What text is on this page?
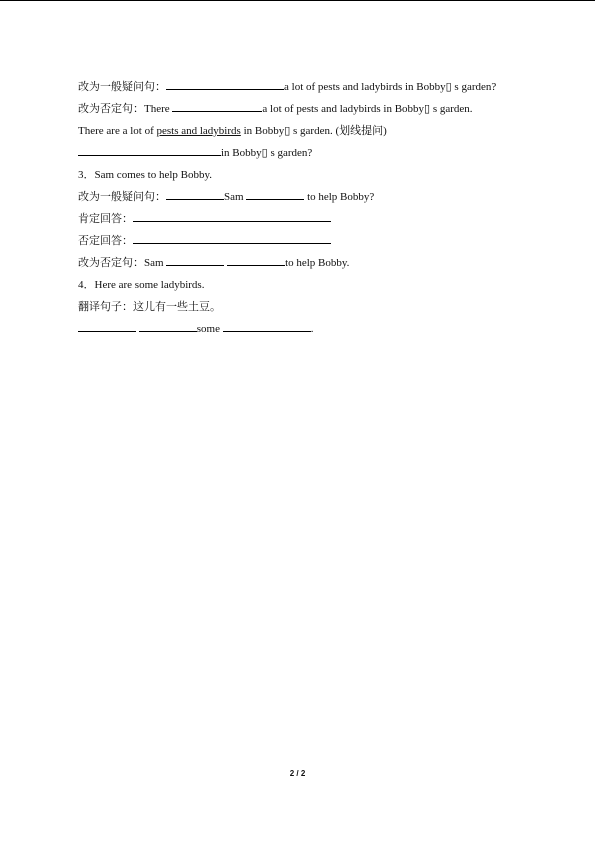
改为一般疑问句：	a lot of pests and ladybirds in Bobby▯ s garden?
改为否定句：There	a lot of pests and ladybirds in Bobby▯ s garden.
There are a lot of pests and ladybirds in Bobby▯ s garden. (划线提问)
in Bobby▯ s garden?
3．Sam comes to help Bobby.
改为一般疑问句：	Sam	to help Bobby?
肯定回答：
否定回答：
改为否定句：Sam	to help Bobby.
4．Here are some ladybirds.
翻译句子：这儿有一些土豆。
some	.
2 / 2
